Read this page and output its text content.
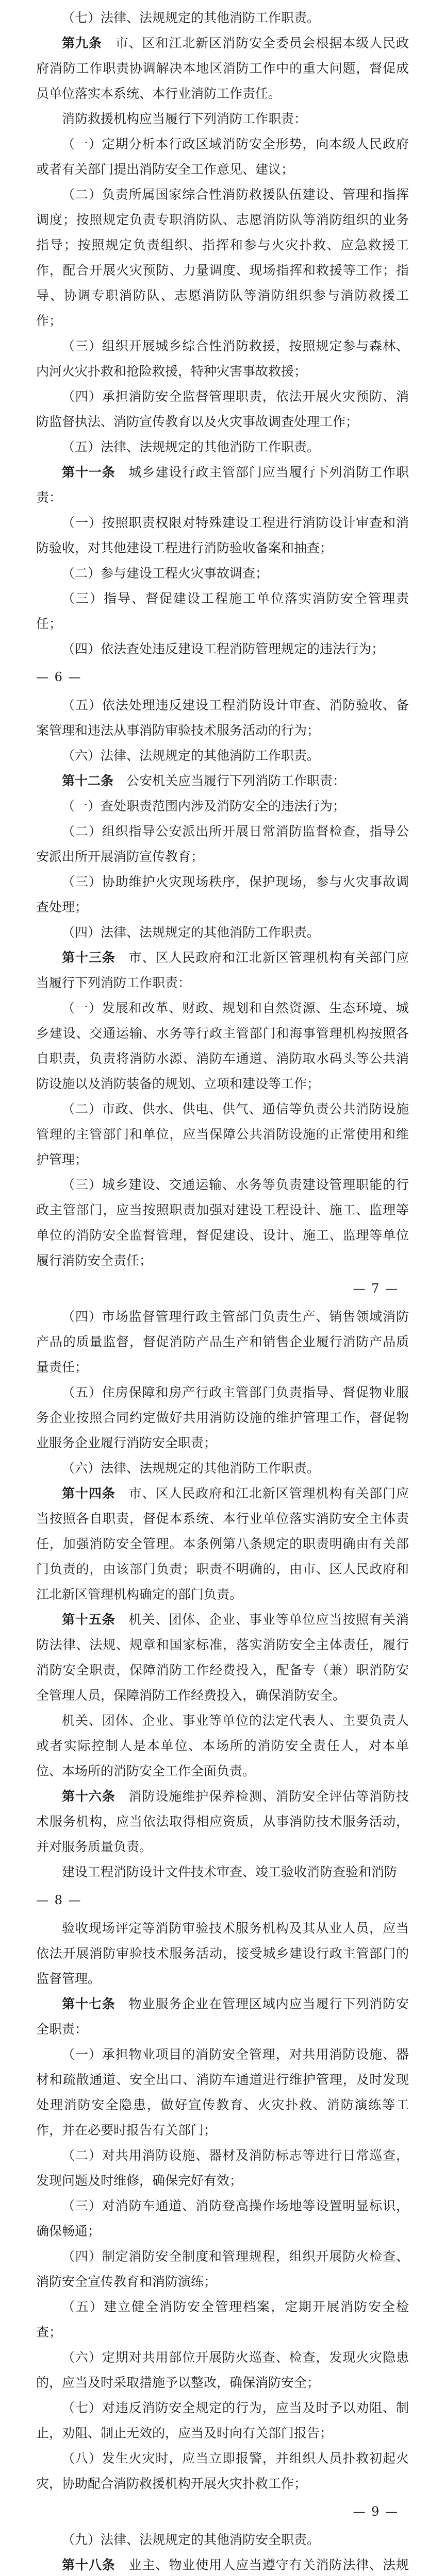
（七）法律、法规规定的其他消防工作职责。

第九条　 市、区和江北新区消防安全委员会根据本级人民政府消防工作职责协调解决本地区消防工作中的重大问题，督促成员单位落实本系统、本行业消防工作责任。

消防救援机构应当履行下列消防工作职责：

（一）定期分析本行政区域消防安全形势，向本级人民政府或者有关部门提出消防安全工作意见、建议；

（二）负责所属国家综合性消防救援队伍建设、管理和指挥调度；按照规定负责专职消防队、志愿消防队等消防组织的业务指导；按照规定负责组织、指挥和参与火灾扑救、应急救援工作，配合开展火灾预防、力量调度、现场指挥和救援等工作；指导、协调专职消防队、志愿消防队等消防组织参与消防救援工作；

（三）组织开展城乡综合性消防救援，按照规定参与森林、内河火灾扑救和抢险救援，特种灾害事故救援；

（四）承担消防安全监督管理职责，依法开展火灾预防、消防监督执法、消防宣传教育以及火灾事故调查处理工作；

（五）法律、法规规定的其他消防工作职责。

第十一条　 城乡建设行政主管部门应当履行下列消防工作职责：

（一）按照职责权限对特殊建设工程进行消防设计审查和消防验收，对其他建设工程进行消防验收备案和抽查；

（二）参与建设工程火灾事故调查；

（三）指导、督促建设工程施工单位落实消防安全管理责任；

（四）依法查处违反建设工程消防管理规定的违法行为；

— 6 —

（五）依法处理违反建设工程消防设计审查、消防验收、备案管理和违法从事消防审验技术服务活动的行为；

（六）法律、法规规定的其他消防工作职责。

第十二条　 公安机关应当履行下列消防工作职责：

（一）查处职责范围内涉及消防安全的违法行为；

（二）组织指导公安派出所开展日常消防监督检查，指导公安派出所开展消防宣传教育；

（三）协助维护火灾现场秩序，保护现场，参与火灾事故调查处理；

（四）法律、法规规定的其他消防工作职责。

第十三条　 市、区人民政府和江北新区管理机构有关部门应当履行下列消防工作职责：

（一）发展和改革、财政、规划和自然资源、生态环境、城乡建设、交通运输、水务等行政主管部门和海事管理机构按照各自职责，负责将消防水源、消防车通道、消防取水码头等公共消防设施以及消防装备的规划、立项和建设等工作；

（二）市政、供水、供电、供气、通信等负责公共消防设施管理的主管部门和单位，应当保障公共消防设施的正常使用和维护管理；

（三）城乡建设、交通运输、水务等负责建设管理职能的行政主管部门，应当按照职责加强对建设工程设计、施工、监理等单位的消防安全监督管理，督促建设、设计、施工、监理等单位履行消防安全责任；

— 7 —

（四）市场监督管理行政主管部门负责生产、销售领域消防产品的质量监督，督促消防产品生产和销售企业履行消防产品质量责任；

（五）住房保障和房产行政主管部门负责指导、督促物业服务企业按照合同约定做好共用消防设施的维护管理工作，督促物业服务企业履行消防安全职责；

（六）法律、法规规定的其他消防工作职责。

第十四条　 市、区人民政府和江北新区管理机构有关部门应当按照各自职责，督促本系统、本行业单位落实消防安全主体责任，加强消防安全管理。本条例第八条规定的职责明确由有关部门负责的，由该部门负责；职责不明确的，由市、区人民政府和江北新区管理机构确定的部门负责。

第十五条　 机关、团体、企业、事业等单位应当按照有关消防法律、法规、规章和国家标准，落实消防安全主体责任，履行消防安全职责，保障消防工作经费投入，配备专（兼）职消防安全管理人员，保障消防工作经费投入，确保消防安全。

机关、团体、企业、事业等单位的法定代表人、主要负责人或者实际控制人是本单位、本场所的消防安全责任人，对本单位、本场所的消防安全工作全面负责。

第十六条　 消防设施维护保养检测、消防安全评估等消防技术服务机构，应当依法取得相应资质，从事消防技术服务活动，并对服务质量负责。

建设工程消防设计文件技术审查、竣工验收消防查验和消防

— 8 —

验收现场评定等消防审验技术服务机构及其从业人员，应当依法开展消防审验技术服务活动，接受城乡建设行政主管部门的监督管理。

第十七条　 物业服务企业在管理区域内应当履行下列消防安全职责：

（一）承担物业项目的消防安全管理，对共用消防设施、器材和疏散通道、安全出口、消防车通道进行维护管理，及时发现处理消防安全隐患，做好宣传教育、火灾扑救、消防演练等工作，并在必要时报告有关部门；

（二）对共用消防设施、器材及消防标志等进行日常巡查，发现问题及时维修，确保完好有效；

（三）对消防车通道、消防登高操作场地等设置明显标识，确保畅通；

（四）制定消防安全制度和管理规程，组织开展防火检查、消防安全宣传教育和消防演练；

（五）建立健全消防安全管理档案，定期开展消防安全检查；

（六）定期对共用部位开展防火巡查、检查，发现火灾隐患的，应当及时采取措施予以整改，确保消防安全；

（七）对违反消防安全规定的行为，应当及时予以劝阻、制止，劝阻、制止无效的，应当及时向有关部门报告；

（八）发生火灾时，应当立即报警，并组织人员扑救初起火灾，协助配合消防救援机构开展火灾扑救工作；

— 9 —

（九）法律、法规规定的其他消防安全职责。

第十八条　 业主、物业使用人应当遵守有关消防法律、法规
